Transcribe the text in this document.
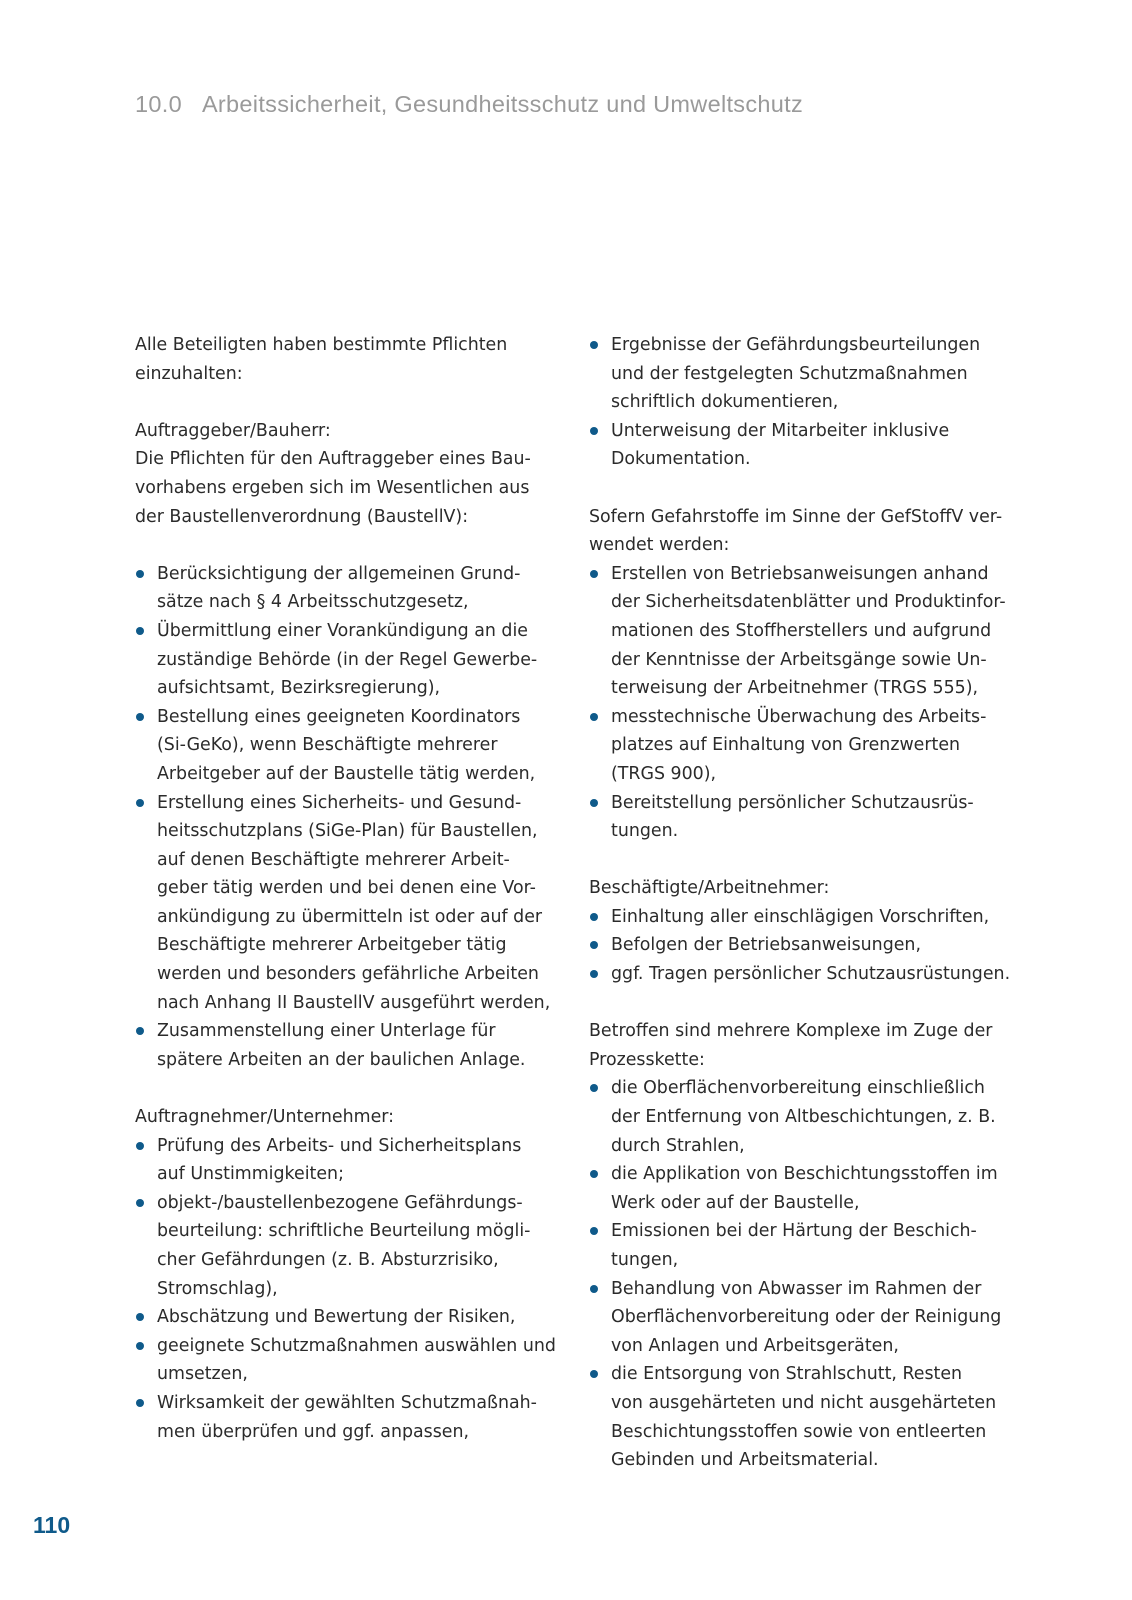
10.0 Arbeitssicherheit, Gesundheitsschutz und Umweltschutz
Alle Beteiligten haben bestimmte Pflichten
einzuhalten:
Auftraggeber/Bauherr:
Die Pflichten für den Auftraggeber eines Bau-
vorhabens ergeben sich im Wesentlichen aus
der Baustellenverordnung (BaustellV):
Berücksichtigung der allgemeinen Grund-
sätze nach § 4 Arbeitsschutzgesetz,
Übermittlung einer Vorankündigung an die
zuständige Behörde (in der Regel Gewerbe-
aufsichtsamt, Bezirksregierung),
Bestellung eines geeigneten Koordinators
(Si-GeKo), wenn Beschäftigte mehrerer
Arbeitgeber auf der Baustelle tätig werden,
Erstellung eines Sicherheits- und Gesund-
heitsschutzplans (SiGe-Plan) für Baustellen,
auf denen Beschäftigte mehrerer Arbeit-
geber tätig werden und bei denen eine Vor-
ankündigung zu übermitteln ist oder auf der
Beschäftigte mehrerer Arbeitgeber tätig
werden und besonders gefährliche Arbeiten
nach Anhang II BaustellV ausgeführt werden,
Zusammenstellung einer Unterlage für
spätere Arbeiten an der baulichen Anlage.
Auftragnehmer/Unternehmer:
Prüfung des Arbeits- und Sicherheitsplans
auf Unstimmigkeiten;
objekt-/baustellenbezogene Gefährdungs-
beurteilung: schriftliche Beurteilung mögli-
cher Gefährdungen (z. B. Absturzrisiko,
Stromschlag),
Abschätzung und Bewertung der Risiken,
geeignete Schutzmaßnahmen auswählen und
umsetzen,
Wirksamkeit der gewählten Schutzmaßnah-
men überprüfen und ggf. anpassen,
Ergebnisse der Gefährdungsbeurteilungen
und der festgelegten Schutzmaßnahmen
schriftlich dokumentieren,
Unterweisung der Mitarbeiter inklusive
Dokumentation.
Sofern Gefahrstoffe im Sinne der GefStoffV ver-
wendet werden:
Erstellen von Betriebsanweisungen anhand
der Sicherheitsdatenblätter und Produktinfor-
mationen des Stoffherstellers und aufgrund
der Kenntnisse der Arbeitsgänge sowie Un-
terweisung der Arbeitnehmer (TRGS 555),
messtechnische Überwachung des Arbeits-
platzes auf Einhaltung von Grenzwerten
(TRGS 900),
Bereitstellung persönlicher Schutzausrüs-
tungen.
Beschäftigte/Arbeitnehmer:
Einhaltung aller einschlägigen Vorschriften,
Befolgen der Betriebsanweisungen,
ggf. Tragen persönlicher Schutzausrüstungen.
Betroffen sind mehrere Komplexe im Zuge der
Prozesskette:
die Oberflächenvorbereitung einschließlich
der Entfernung von Altbeschichtungen, z. B.
durch Strahlen,
die Applikation von Beschichtungsstoffen im
Werk oder auf der Baustelle,
Emissionen bei der Härtung der Beschich-
tungen,
Behandlung von Abwasser im Rahmen der
Oberflächenvorbereitung oder der Reinigung
von Anlagen und Arbeitsgeräten,
die Entsorgung von Strahlschutt, Resten
von ausgehärteten und nicht ausgehärteten
Beschichtungsstoffen sowie von entleerten
Gebinden und Arbeitsmaterial.
110
